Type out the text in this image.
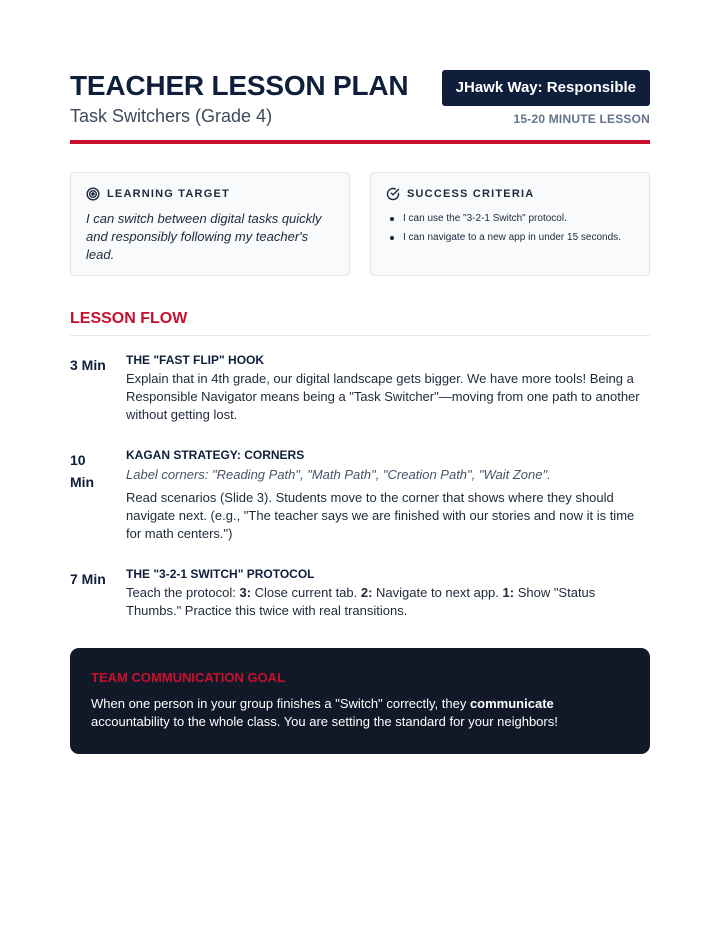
TEACHER LESSON PLAN
Task Switchers (Grade 4)
JHawk Way: Responsible
15-20 MINUTE LESSON
LEARNING TARGET
I can switch between digital tasks quickly and responsibly following my teacher's lead.
SUCCESS CRITERIA
I can use the "3-2-1 Switch" protocol.
I can navigate to a new app in under 15 seconds.
LESSON FLOW
3 Min	THE "FAST FLIP" HOOK
Explain that in 4th grade, our digital landscape gets bigger. We have more tools! Being a Responsible Navigator means being a "Task Switcher"—moving from one path to another without getting lost.
10 Min
KAGAN STRATEGY: CORNERS
Label corners: "Reading Path", "Math Path", "Creation Path", "Wait Zone".
Read scenarios (Slide 3). Students move to the corner that shows where they should navigate next. (e.g., "The teacher says we are finished with our stories and now it is time for math centers.")
7 Min	THE "3-2-1 SWITCH" PROTOCOL
Teach the protocol: 3: Close current tab. 2: Navigate to next app. 1: Show "Status Thumbs." Practice this twice with real transitions.
TEAM COMMUNICATION GOAL
When one person in your group finishes a "Switch" correctly, they communicate accountability to the whole class. You are setting the standard for your neighbors!
